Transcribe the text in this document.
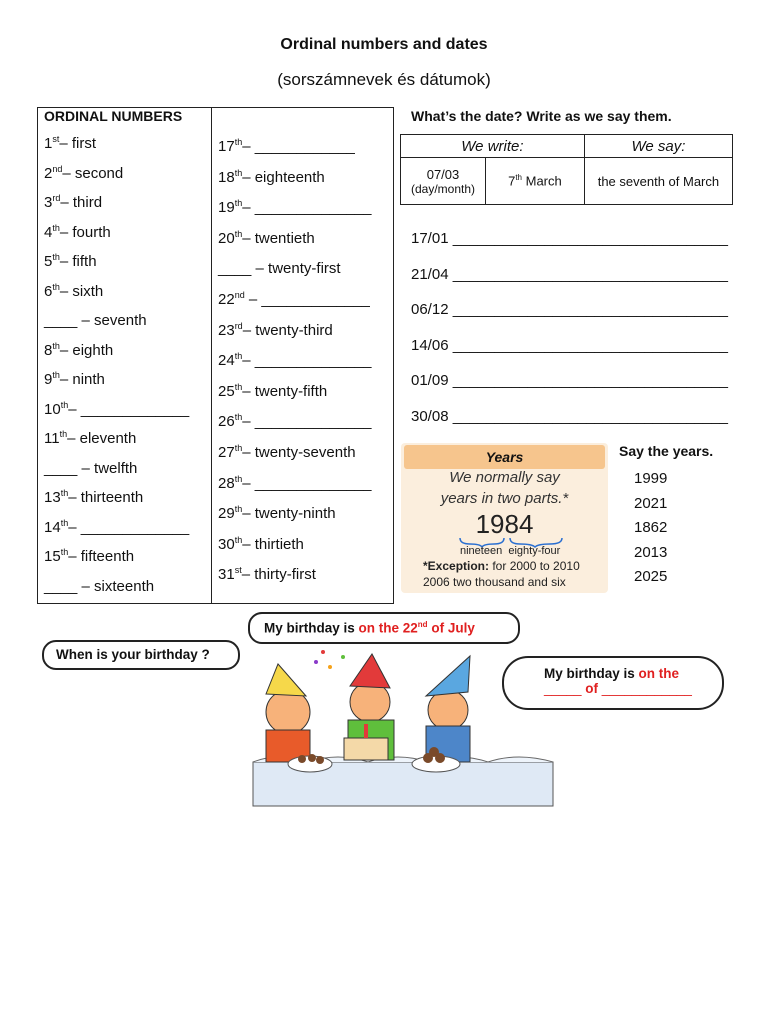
Ordinal numbers and dates
(sorszámnevek és dátumok)
ORDINAL NUMBERS
1st– first
2nd– second
3rd– third
4th– fourth
5th– fifth
6th– sixth
____ – seventh
8th– eighth
9th– ninth
10th– _____________
11th– eleventh
____ – twelfth
13th– thirteenth
14th– _____________
15th– fifteenth
____ – sixteenth
17th– ____________
18th– eighteenth
19th– ______________
20th– twentieth
____ – twenty-first
22nd – _____________
23rd– twenty-third
24th– ______________
25th– twenty-fifth
26th– ______________
27th– twenty-seventh
28th– ______________
29th– twenty-ninth
30th– thirtieth
31st– thirty-first
What’s the date? Write as we say them.
We write:		We say:

07/03
(day/month)	7th March	the seventh of March
17/01 _________________________________
21/04 _________________________________
06/12 _________________________________
14/06 _________________________________
01/09 _________________________________
30/08 _________________________________
Years
We normally say
years in two parts.*
1984
nineteen eighty-four
*Exception: for 2000 to 2010
2006 two thousand and six
Say the years.
1999
2021
1862
2013
2025
When is your birthday ?
My birthday is on the 22nd of July
My birthday is on the
_____ of ____________
